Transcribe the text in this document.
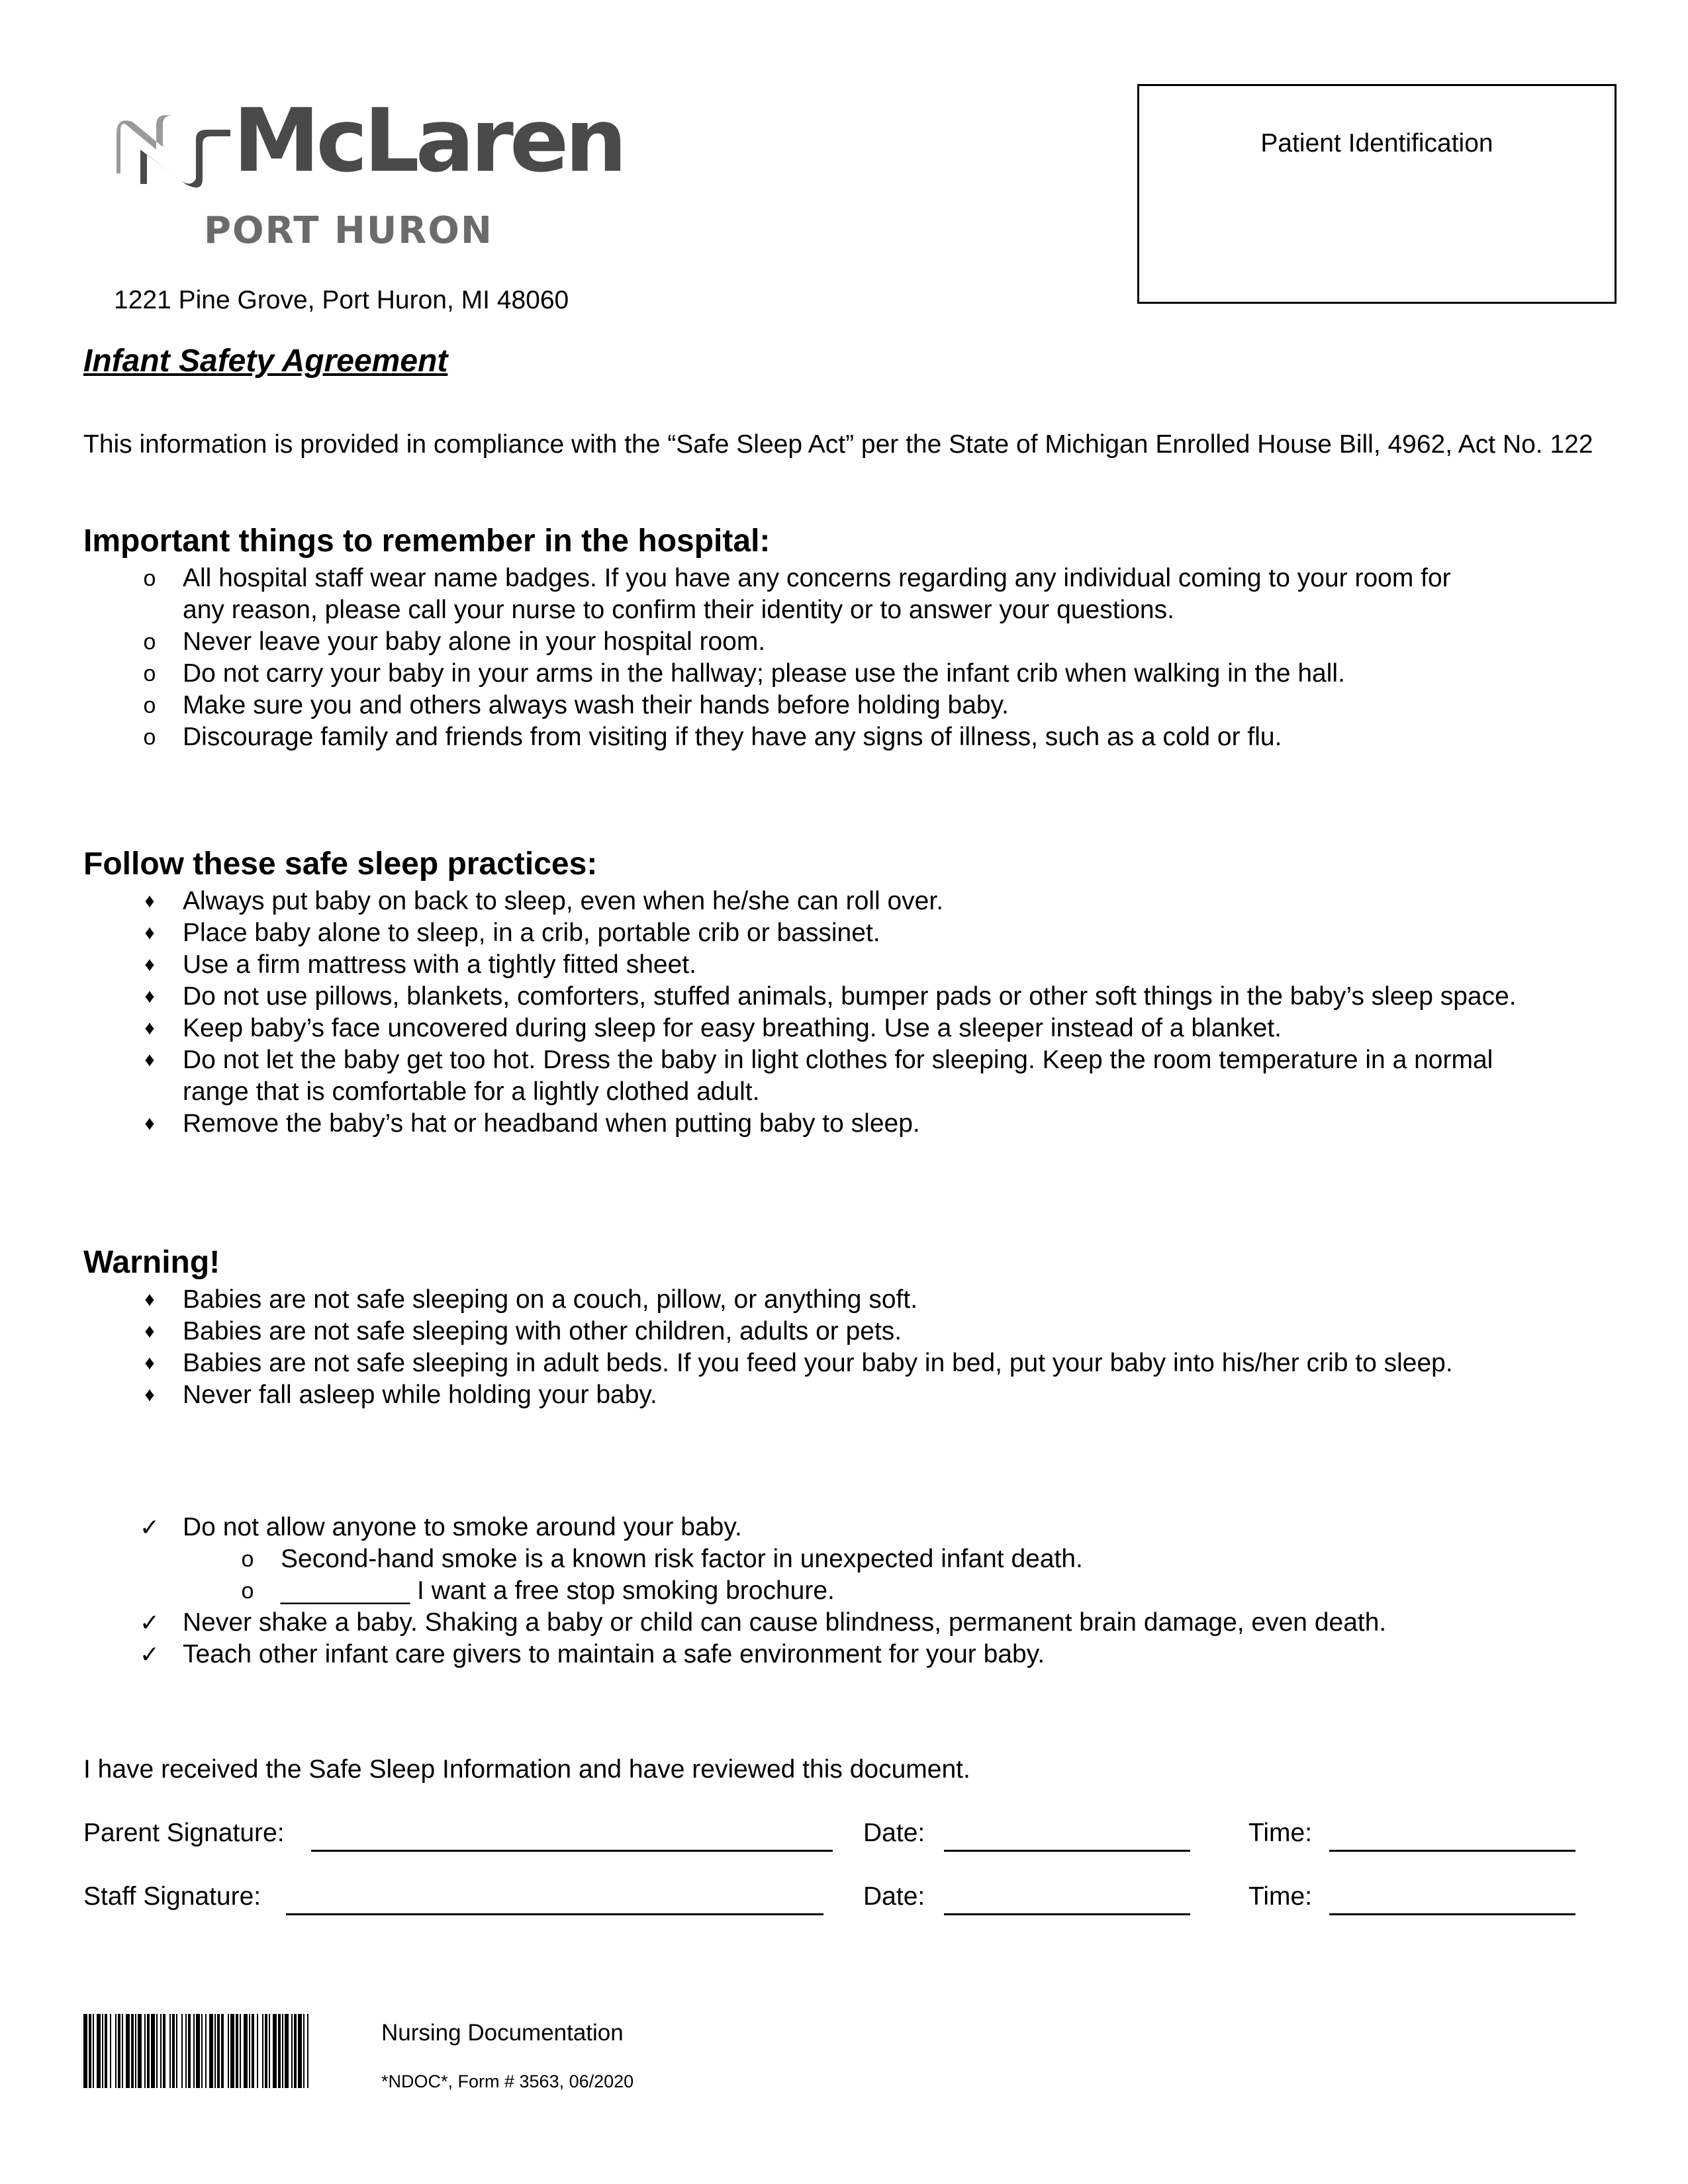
McLaren
PORT HURON
1221 Pine Grove, Port Huron, MI 48060
Patient Identification
Infant Safety Agreement
This information is provided in compliance with the “Safe Sleep Act” per the State of Michigan Enrolled House Bill, 4962, Act No. 122
Important things to remember in the hospital:
o	All hospital staff wear name badges. If you have any concerns regarding any individual coming to your room for any reason, please call your nurse to confirm their identity or to answer your questions.
o	Never leave your baby alone in your hospital room.
o	Do not carry your baby in your arms in the hallway; please use the infant crib when walking in the hall.
o	Make sure you and others always wash their hands before holding baby.
o	Discourage family and friends from visiting if they have any signs of illness, such as a cold or flu.
Follow these safe sleep practices:
♦	Always put baby on back to sleep, even when he/she can roll over.
♦	Place baby alone to sleep, in a crib, portable crib or bassinet.
♦	Use a firm mattress with a tightly fitted sheet.
♦	Do not use pillows, blankets, comforters, stuffed animals, bumper pads or other soft things in the baby’s sleep space.
♦	Keep baby’s face uncovered during sleep for easy breathing. Use a sleeper instead of a blanket.
♦	Do not let the baby get too hot. Dress the baby in light clothes for sleeping. Keep the room temperature in a normal range that is comfortable for a lightly clothed adult.
♦	Remove the baby’s hat or headband when putting baby to sleep.
Warning!
♦	Babies are not safe sleeping on a couch, pillow, or anything soft.
♦	Babies are not safe sleeping with other children, adults or pets.
♦	Babies are not safe sleeping in adult beds. If you feed your baby in bed, put your baby into his/her crib to sleep.
♦	Never fall asleep while holding your baby.
✓ Do not allow anyone to smoke around your baby.
o	Second-hand smoke is a known risk factor in unexpected infant death.
o	_________ I want a free stop smoking brochure.
✓ Never shake a baby. Shaking a baby or child can cause blindness, permanent brain damage, even death.
✓ Teach other infant care givers to maintain a safe environment for your baby.
I have received the Safe Sleep Information and have reviewed this document.
Parent Signature:	Date:	Time:
Staff Signature:	Date:	Time:
Nursing Documentation
*NDOC*, Form # 3563, 06/2020
